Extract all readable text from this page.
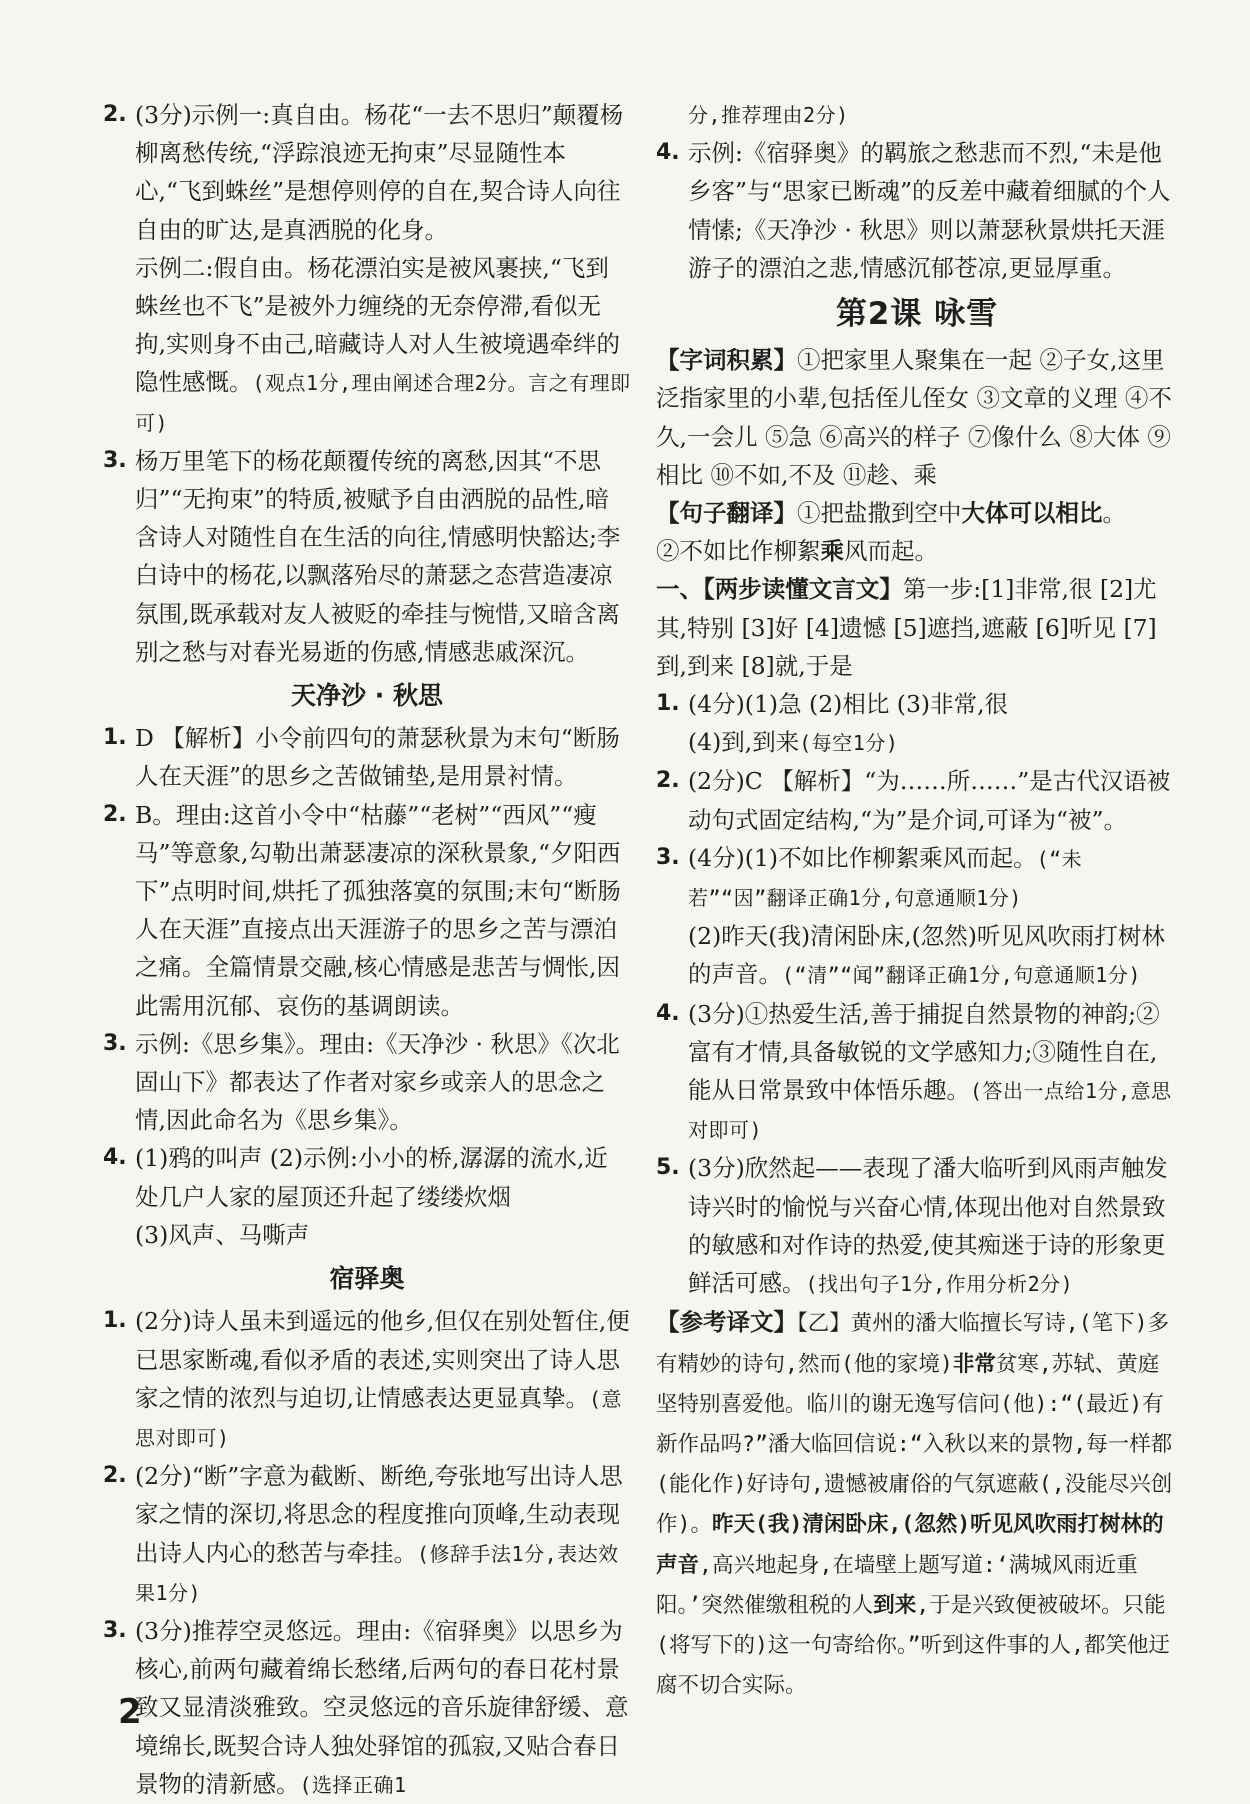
2. (3分)示例一:真自由。杨花“一去不思归”颠覆杨柳离愁传统,“浮踪浪迹无拘束”尽显随性本心,“飞到蛛丝”是想停则停的自在,契合诗人向往自由的旷达,是真洒脱的化身。

示例二:假自由。杨花漂泊实是被风裹挟,“飞到蛛丝也不飞”是被外力缠绕的无奈停滞,看似无拘,实则身不由己,暗藏诗人对人生被境遇牵绊的隐性感慨。(观点1分,理由阐述合理2分。言之有理即可)

3. 杨万里笔下的杨花颠覆传统的离愁,因其“不思归”“无拘束”的特质,被赋予自由洒脱的品性,暗含诗人对随性自在生活的向往,情感明快豁达;李白诗中的杨花,以飘落殆尽的萧瑟之态营造凄凉氛围,既承载对友人被贬的牵挂与惋惜,又暗含离别之愁与对春光易逝的伤感,情感悲戚深沉。

天净沙 · 秋思
1. D 【解析】小令前四句的萧瑟秋景为末句“断肠人在天涯”的思乡之苦做铺垫,是用景衬情。

2. B。理由:这首小令中“枯藤”“老树”“西风”“瘦马”等意象,勾勒出萧瑟凄凉的深秋景象,“夕阳西下”点明时间,烘托了孤独落寞的氛围;末句“断肠人在天涯”直接点出天涯游子的思乡之苦与漂泊之痛。全篇情景交融,核心情感是悲苦与惆怅,因此需用沉郁、哀伤的基调朗读。

3. 示例:《思乡集》。理由:《天净沙 · 秋思》《次北固山下》都表达了作者对家乡或亲人的思念之情,因此命名为《思乡集》。

4. (1)鸦的叫声 (2)示例:小小的桥,潺潺的流水,近处几户人家的屋顶还升起了缕缕炊烟

(3)风声、马嘶声

宿驿奥
1. (2分)诗人虽未到遥远的他乡,但仅在别处暂住,便已思家断魂,看似矛盾的表述,实则突出了诗人思家之情的浓烈与迫切,让情感表达更显真挚。(意思对即可)

2. (2分)“断”字意为截断、断绝,夸张地写出诗人思家之情的深切,将思念的程度推向顶峰,生动表现出诗人内心的愁苦与牵挂。(修辞手法1分,表达效果1分)

3. (3分)推荐空灵悠远。理由:《宿驿奥》以思乡为核心,前两句藏着绵长愁绪,后两句的春日花村景致又显清淡雅致。空灵悠远的音乐旋律舒缓、意境绵长,既契合诗人独处驿馆的孤寂,又贴合春日景物的清新感。(选择正确1

分,推荐理由2分)

4. 示例:《宿驿奥》的羁旅之愁悲而不烈,“未是他乡客”与“思家已断魂”的反差中藏着细腻的个人情愫;《天净沙 · 秋思》则以萧瑟秋景烘托天涯游子的漂泊之悲,情感沉郁苍凉,更显厚重。

第2课 咏雪

【字词积累】①把家里人聚集在一起 ②子女,这里泛指家里的小辈,包括侄儿侄女 ③文章的义理 ④不久,一会儿 ⑤急 ⑥高兴的样子 ⑦像什么 ⑧大体 ⑨相比 ⑩不如,不及 ⑪趁、乘

【句子翻译】①把盐撒到空中大体可以相比。

②不如比作柳絮乘风而起。

一、【两步读懂文言文】第一步:[1]非常,很 [2]尤其,特别 [3]好 [4]遗憾 [5]遮挡,遮蔽 [6]听见 [7]到,到来 [8]就,于是

1. (4分)(1)急 (2)相比 (3)非常,很

(4)到,到来(每空1分)

2. (2分)C 【解析】“为……所……”是古代汉语被动句式固定结构,“为”是介词,可译为“被”。

3. (4分)(1)不如比作柳絮乘风而起。(“未若”“因”翻译正确1分,句意通顺1分)

(2)昨天(我)清闲卧床,(忽然)听见风吹雨打树林的声音。(“清”“闻”翻译正确1分,句意通顺1分)

4. (3分)①热爱生活,善于捕捉自然景物的神韵;②富有才情,具备敏锐的文学感知力;③随性自在,能从日常景致中体悟乐趣。(答出一点给1分,意思对即可)

5. (3分)欣然起——表现了潘大临听到风雨声触发诗兴时的愉悦与兴奋心情,体现出他对自然景致的敏感和对作诗的热爱,使其痴迷于诗的形象更鲜活可感。(找出句子1分,作用分析2分)

【参考译文】【乙】黄州的潘大临擅长写诗,(笔下)多有精妙的诗句,然而(他的家境)非常贫寒,苏轼、黄庭坚特别喜爱他。临川的谢无逸写信问(他):“(最近)有新作品吗?”潘大临回信说:“入秋以来的景物,每一样都(能化作)好诗句,遗憾被庸俗的气氛遮蔽(,没能尽兴创作)。昨天(我)清闲卧床,(忽然)听见风吹雨打树林的声音,高兴地起身,在墙壁上题写道:‘满城风雨近重阳。’突然催缴租税的人到来,于是兴致便被破坏。只能(将写下的)这一句寄给你。”听到这件事的人,都笑他迂腐不切合实际。

2
